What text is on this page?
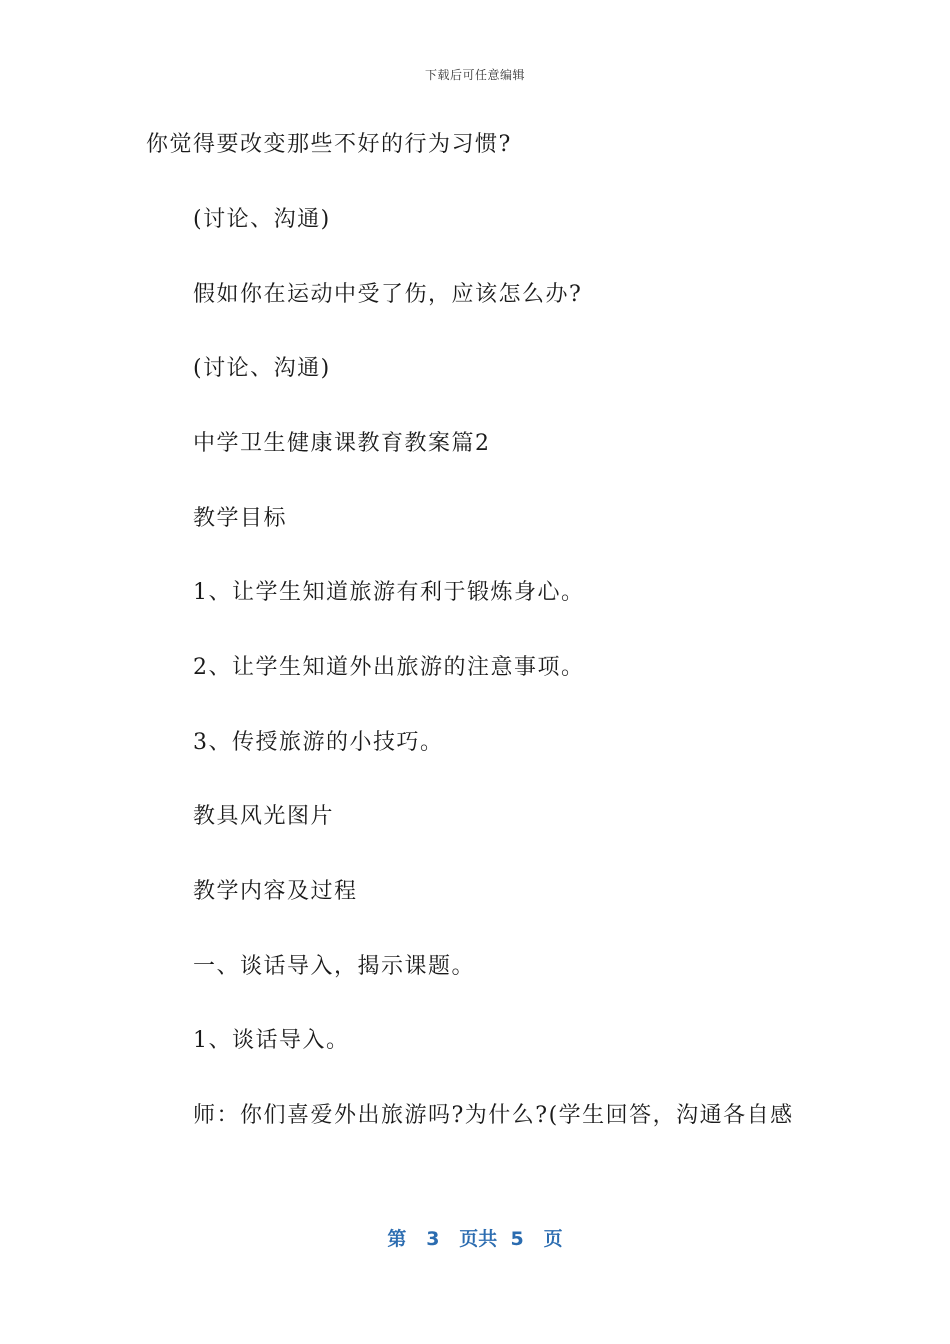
下载后可任意编辑
你觉得要改变那些不好的行为习惯?
(讨论、沟通)
假如你在运动中受了伤，应该怎么办?
(讨论、沟通)
中学卫生健康课教育教案篇2
教学目标
1、让学生知道旅游有利于锻炼身心。
2、让学生知道外出旅游的注意事项。
3、传授旅游的小技巧。
教具风光图片
教学内容及过程
一、谈话导入，揭示课题。
1、谈话导入。
师：你们喜爱外出旅游吗?为什么?(学生回答，沟通各自感
第 3 页共 5 页
